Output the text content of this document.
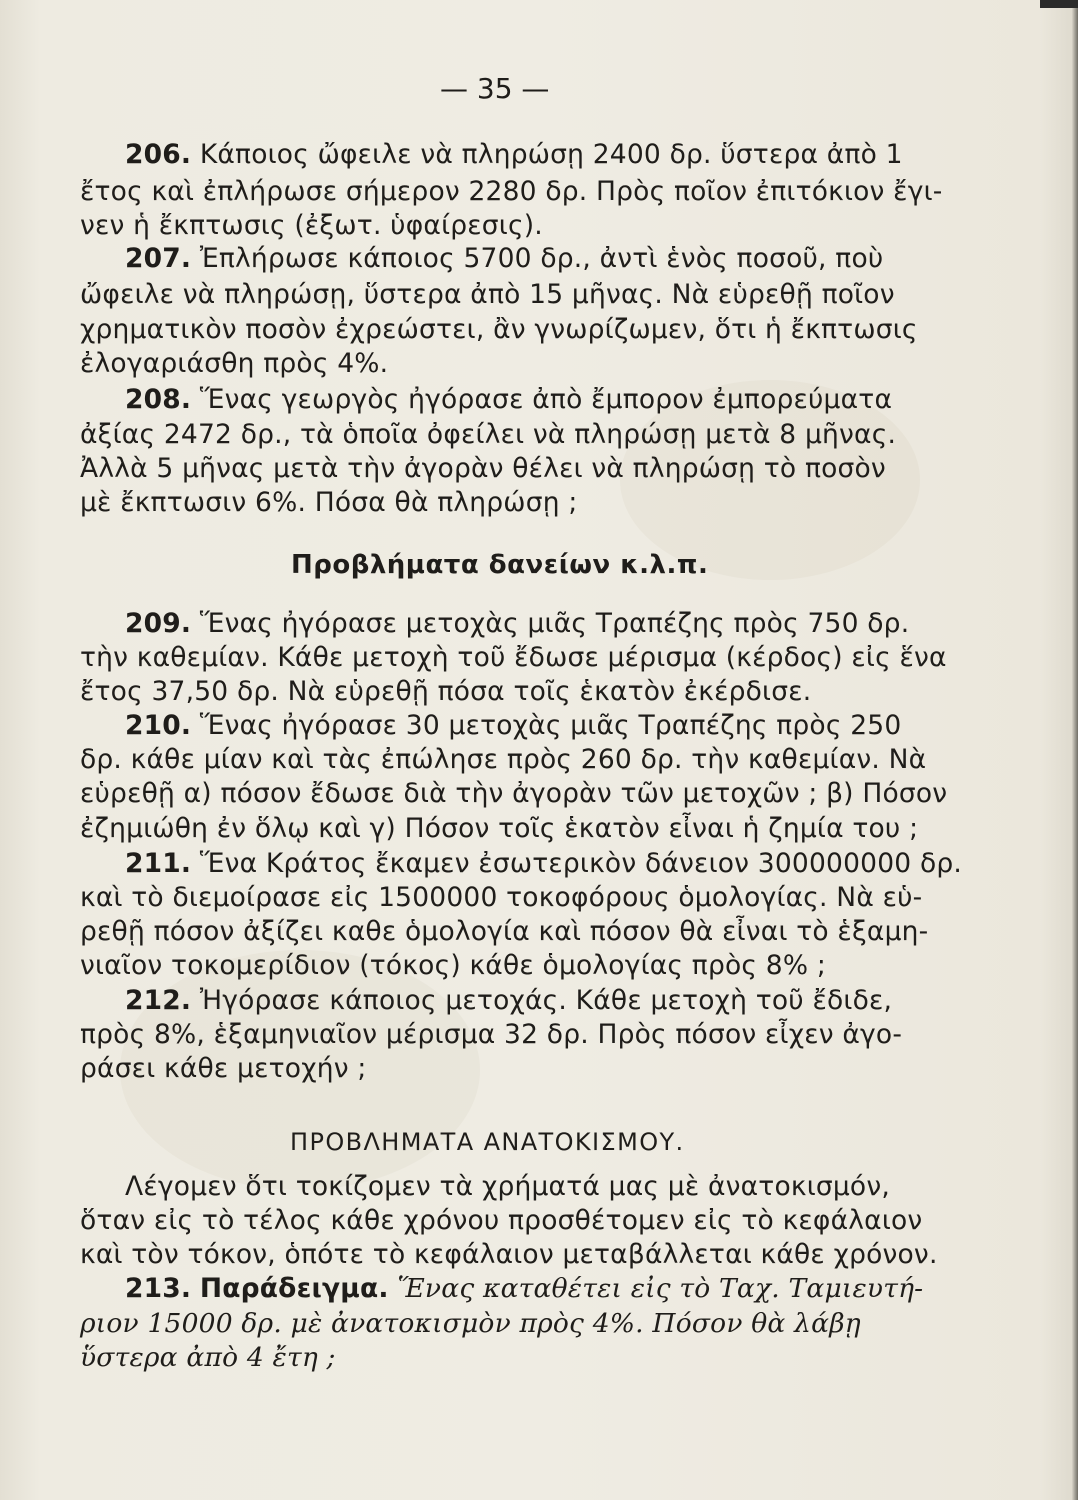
— 35 —
206. Κάποιος ὤφειλε νὰ πληρώσῃ 2400 δρ. ὕστερα ἀπὸ 1
ἔτος καὶ ἐπλήρωσε σήμερον 2280 δρ. Πρὸς ποῖον ἐπιτόκιον ἔγι-
νεν ἡ ἔκπτωσις (ἐξωτ. ὑφαίρεσις).
207. Ἐπλήρωσε κάποιος 5700 δρ., ἀντὶ ἑνὸς ποσοῦ, ποὺ
ὤφειλε νὰ πληρώσῃ, ὕστερα ἀπὸ 15 μῆνας. Νὰ εὑρεθῇ ποῖον
χρηματικὸν ποσὸν ἐχρεώστει, ἂν γνωρίζωμεν, ὅτι ἡ ἔκπτωσις
ἐλογαριάσθη πρὸς 4%.
208. Ἕνας γεωργὸς ἠγόρασε ἀπὸ ἔμπορον ἐμπορεύματα
ἀξίας 2472 δρ., τὰ ὁποῖα ὀφείλει νὰ πληρώσῃ μετὰ 8 μῆνας.
Ἀλλὰ 5 μῆνας μετὰ τὴν ἀγορὰν θέλει νὰ πληρώσῃ τὸ ποσὸν
μὲ ἔκπτωσιν 6%. Πόσα θὰ πληρώσῃ ;
Προβλήματα δανείων κ.λ.π.
209. Ἕνας ἠγόρασε μετοχὰς μιᾶς Τραπέζης πρὸς 750 δρ.
τὴν καθεμίαν. Κάθε μετοχὴ τοῦ ἔδωσε μέρισμα (κέρδος) εἰς ἕνα
ἔτος 37,50 δρ. Νὰ εὑρεθῇ πόσα τοῖς ἑκατὸν ἐκέρδισε.
210. Ἕνας ἠγόρασε 30 μετοχὰς μιᾶς Τραπέζης πρὸς 250
δρ. κάθε μίαν καὶ τὰς ἐπώλησε πρὸς 260 δρ. τὴν καθεμίαν. Νὰ
εὑρεθῇ α) πόσον ἔδωσε διὰ τὴν ἀγορὰν τῶν μετοχῶν ; β) Πόσον
ἐζημιώθη ἐν ὅλῳ καὶ γ) Πόσον τοῖς ἑκατὸν εἶναι ἡ ζημία του ;
211. Ἕνα Κράτος ἔκαμεν ἐσωτερικὸν δάνειον 300000000 δρ.
καὶ τὸ διεμοίρασε εἰς 1500000 τοκοφόρους ὁμολογίας. Νὰ εὑ-
ρεθῇ πόσον ἀξίζει καθε ὁμολογία καὶ πόσον θὰ εἶναι τὸ ἑξαμη-
νιαῖον τοκομερίδιον (τόκος) κάθε ὁμολογίας πρὸς 8% ;
212. Ἠγόρασε κάποιος μετοχάς. Κάθε μετοχὴ τοῦ ἔδιδε,
πρὸς 8%, ἑξαμηνιαῖον μέρισμα 32 δρ. Πρὸς πόσον εἶχεν ἀγο-
ράσει κάθε μετοχήν ;
ΠΡΟΒΛΗΜΑΤΑ ΑΝΑΤΟΚΙΣΜΟΥ.
Λέγομεν ὅτι τοκίζομεν τὰ χρήματά μας μὲ ἀνατοκισμόν,
ὅταν εἰς τὸ τέλος κάθε χρόνου προσθέτομεν εἰς τὸ κεφάλαιον
καὶ τὸν τόκον, ὁπότε τὸ κεφάλαιον μεταβάλλεται κάθε χρόνον.
213. Παράδειγμα. Ἕνας καταθέτει εἰς τὸ Ταχ. Ταμιευτή-
ριον 15000 δρ. μὲ ἀνατοκισμὸν πρὸς 4%. Πόσον θὰ λάβῃ
ὕστερα ἀπὸ 4 ἔτη ;
